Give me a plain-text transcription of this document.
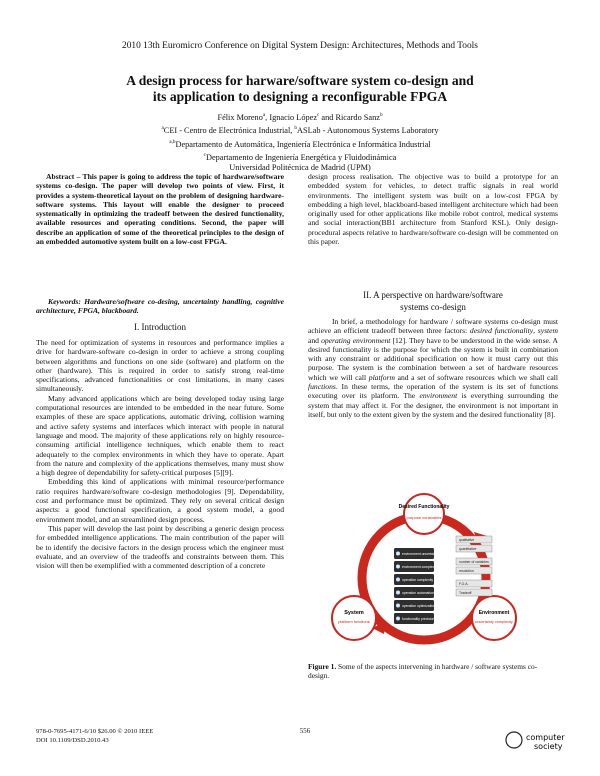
2010 13th Euromicro Conference on Digital System Design: Architectures, Methods and Tools
A design process for harware/software system co-design and
its application to designing a reconfigurable FPGA
Félix Moreno$^a$, Ignacio López$^c$ and Ricardo Sanz$^b$
$^a$CEI - Centro de Electrónica Industrial, $^b$ASLab - Autonomous Systems Laboratory
$^{a,b}$Departamento de Automática, Ingeniería Electrónica e Informática Industrial
$^c$Departamento de Ingeniería Energética y Fluidodinámica
Universidad Politécnica de Madrid (UPM)

Abstract – This paper is going to address the topic of hardware/software systems co-design. The paper will develop two points of view. First, it provides a system-theoretical layout on the problem of designing hardware-software systems. This layout will enable the designer to proceed systematically in optimizing the tradeoff between the desired functionality, available resources and operating conditions. Second, the paper will describe an application of some of the theoretical principles to the design of an embedded automotive system built on a low-cost FPGA.

Keywords: Hardware/software co-desing, uncertainty handling, cognitive architecture, FPGA, blackboard.

I. Introduction

The need for optimization of systems in resources and performance implies a drive for hardware-software co-design in order to achieve a strong coupling between algorithms and functions on one side (software) and platform on the other (hardware). This is required in order to satisfy strong real-time specifications, advanced functionalities or cost limitations, in many cases simultaneously.

Many advanced applications which are being developed today using large computational resources are intended to be embedded in the near future. Some examples of these are space applications, automatic driving, collision warning and active safety systems and interfaces which interact with people in natural language and mood. The majority of these applications rely on highly resource-consuming artificial intelligence techniques, which enable them to react adequately to the complex environments in which they have to operate. Apart from the nature and complexity of the applications themselves, many must show a high degree of dependability for safety-critical purposes [5][9].

Embedding this kind of applications with minimal resource/performance ratio requires hardware/software co-design methodologies [9]. Dependability, cost and performance must be optimized. They rely on several critical design aspects: a good functional specification, a good system model, a good environment model, and an streamlined design process.

This paper will develop the last point by describing a generic design process for embedded intelligence applications. The main contribution of the paper will be to identify the decisive factors in the design process which the engineer must evaluate, and an overview of the tradeoffs and constraints between them. This vision will then be exemplified with a commented description of a concrete

design process realisation. The objective was to build a prototype for an embedded system for vehicles, to detect traffic signals in real world environments. The intelligent system was built on a low-cost FPGA by embedding a high level, blackboard-based intelligent architecture which had been originally used for other applications like mobile robot control, medical systems and social interaction(BB1 architecture from Stanford KSL). Only design-procedural aspects relative to hardware/software co-design will be commented on this paper.

II. A perspective on hardware/software
systems co-design

In brief, a methodology for hardware / software systems co-design must achieve an efficient tradeoff between three factors: desired functionality, system and operating environment [12]. They have to be understood in the wide sense. A desired functionality is the purpose for which the system is built in combination with any constraint or additional specification on how it must carry out this purpose. The system is the combination between a set of hardware resources which we will call platform and a set of software resources which we shall call functions. In these terms, the operation of the system is its set of functions executing over its platform. The environment is everything surrounding the system that may affect it. For the designer, the environment is not important in itself, but only to the extent given by the system and the desired functionality [8].

Desired Functionality
purpose constraints
System
platform functions
Environment
uncertainty complexity
environment uncertainty
environment complexity
operation complexity
operation automation
operation optimization
functionality precision
qualitative
quantitative
number of variables
resolution
F.O.A.
Tradeoff
Figure 1. Some of the aspects intervening in hardware / software systems co-design.
978-0-7695-4171-6/10 $26.00 © 2010 IEEE
DOI 10.1109/DSD.2010.43
556
computer
society
